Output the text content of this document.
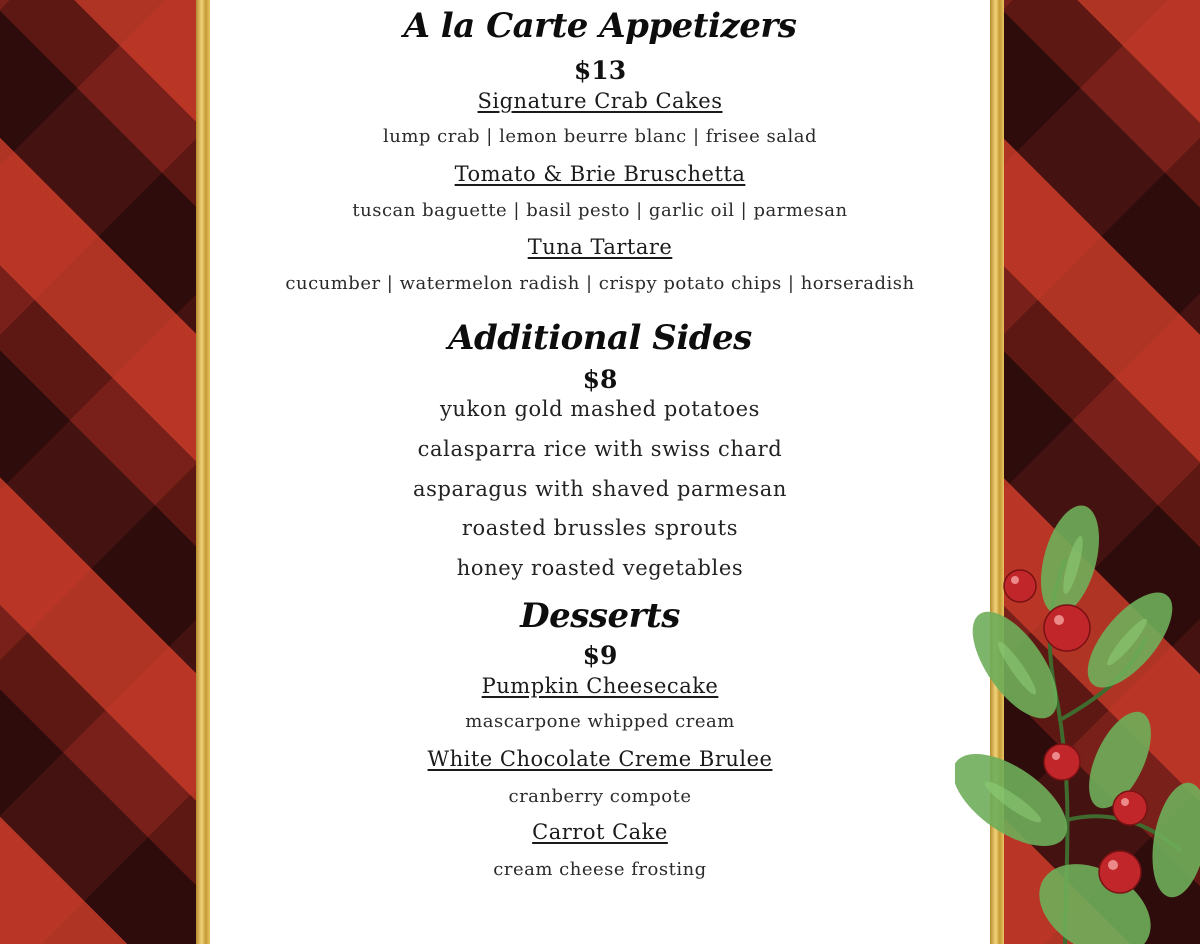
A la Carte Appetizers
$13
Signature Crab Cakes
lump crab | lemon beurre blanc | frisee salad
Tomato & Brie Bruschetta
tuscan baguette | basil pesto | garlic oil | parmesan
Tuna Tartare
cucumber | watermelon radish | crispy potato chips | horseradish
Additional Sides
$8
yukon gold mashed potatoes
calasparra rice with swiss chard
asparagus with shaved parmesan
roasted brussles sprouts
honey roasted vegetables
Desserts
$9
Pumpkin Cheesecake
mascarpone whipped cream
White Chocolate Creme Brulee
cranberry compote
Carrot Cake
cream cheese frosting
